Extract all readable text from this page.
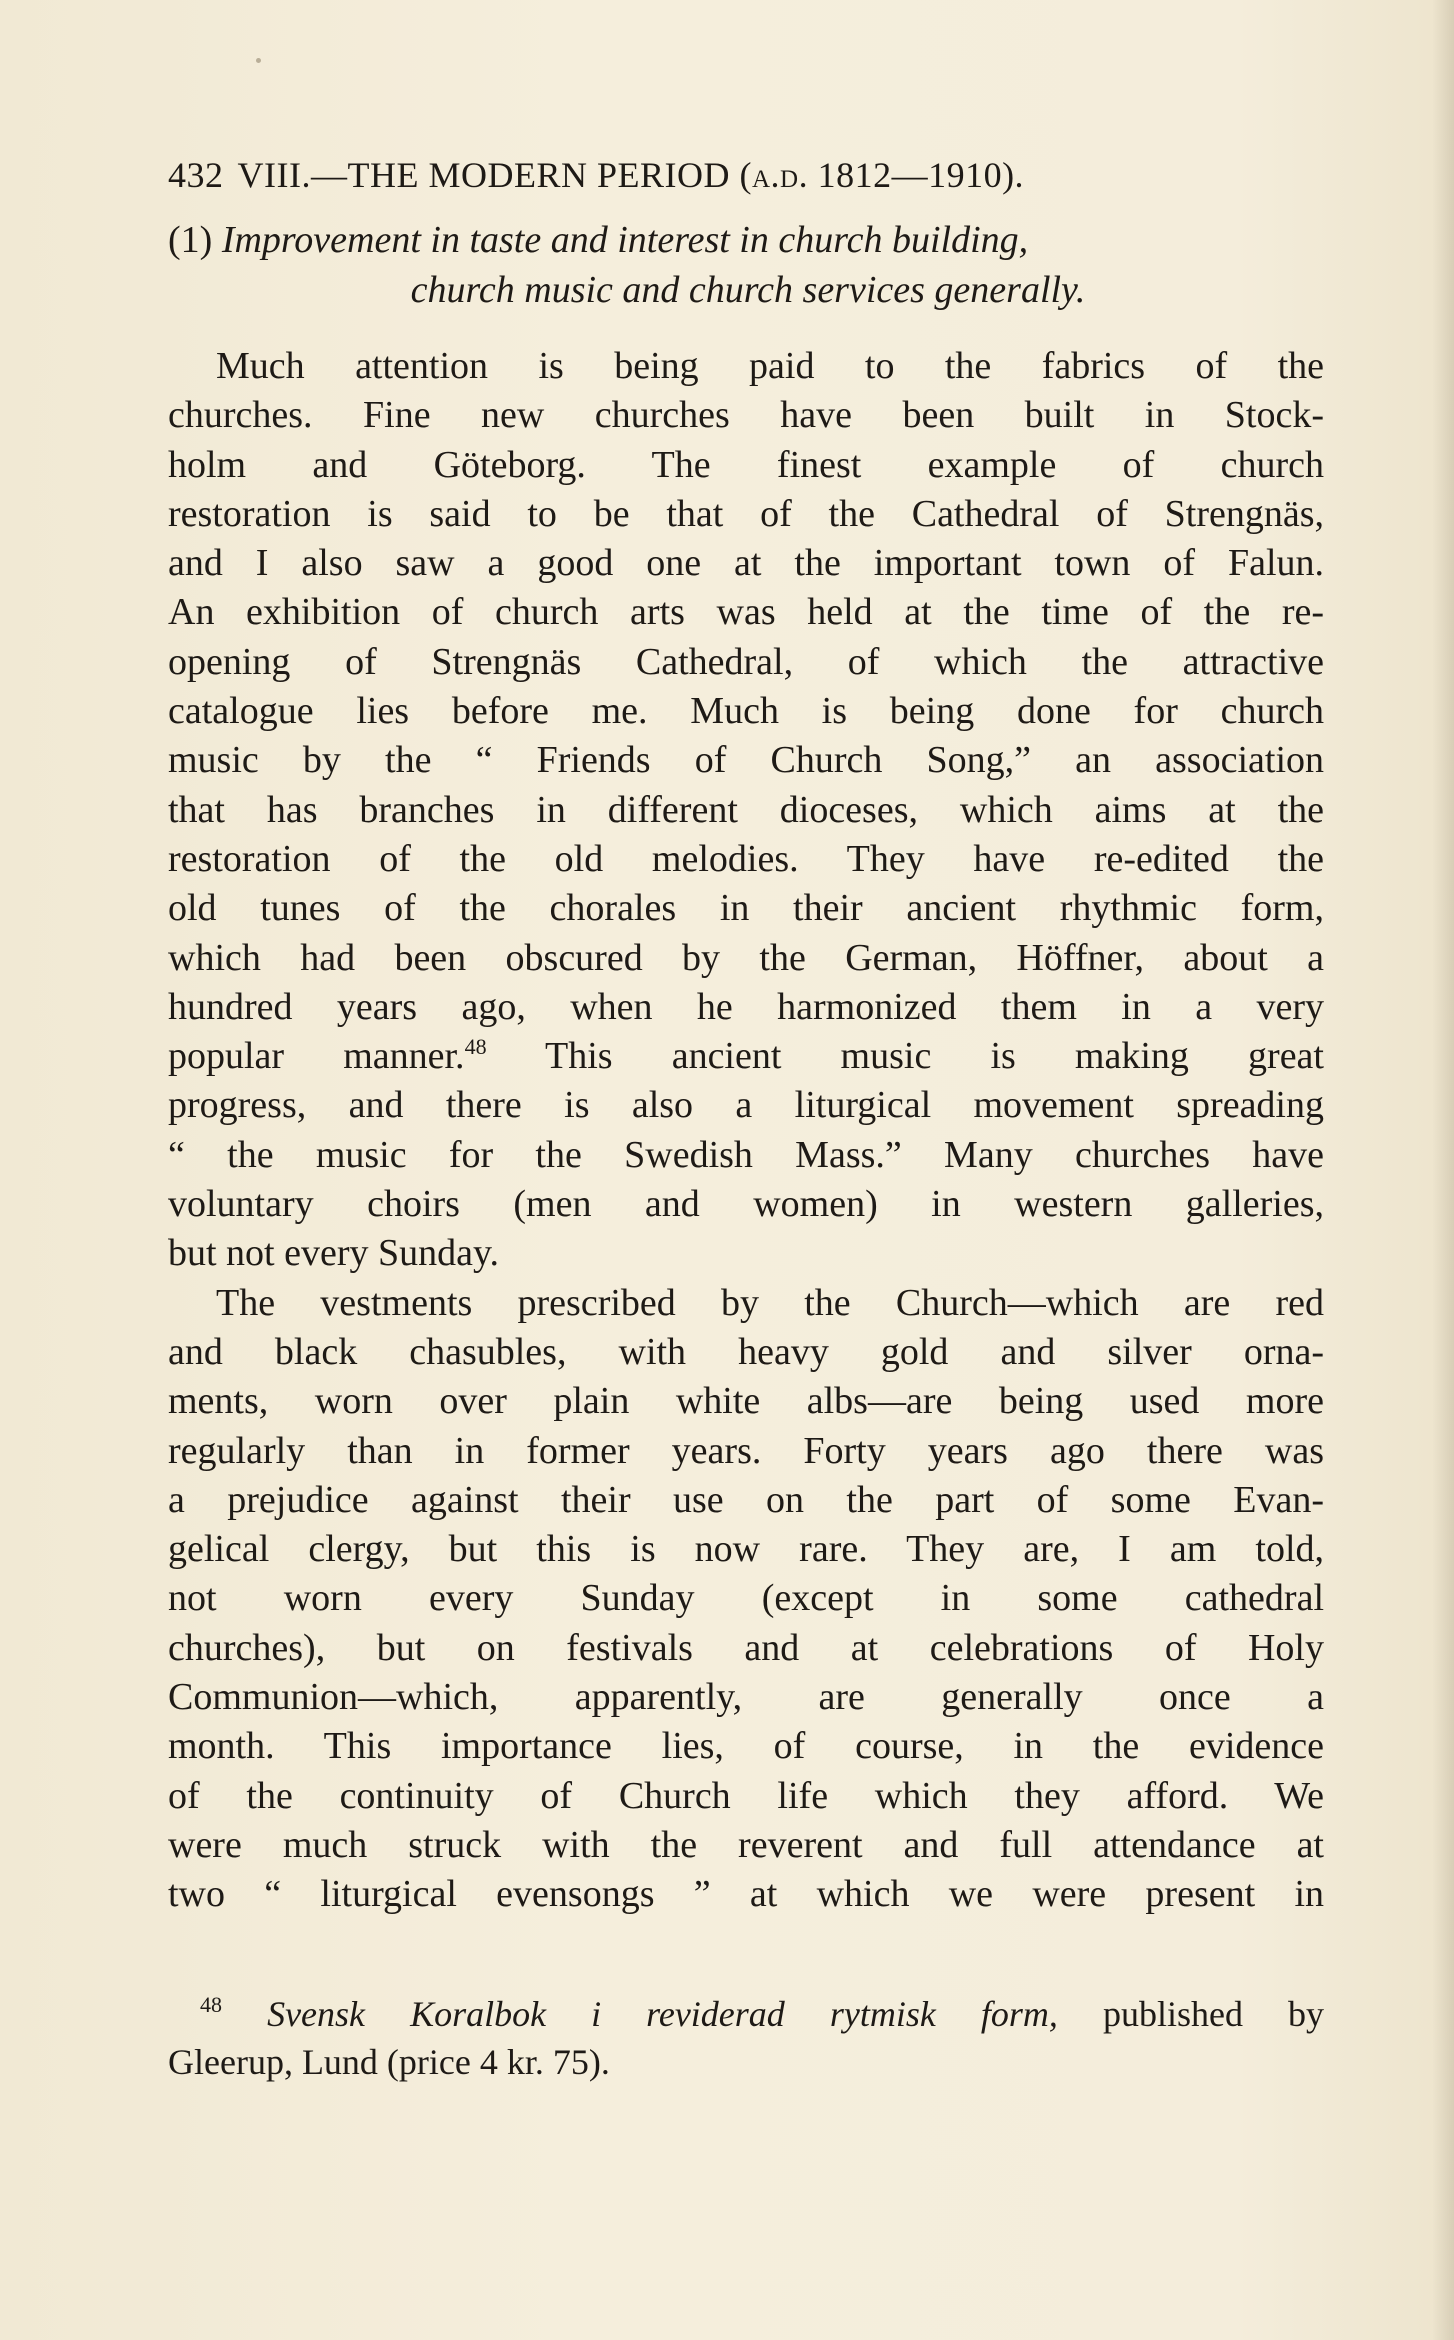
432 VIII.—THE MODERN PERIOD (a.d. 1812—1910).
(1) Improvement in taste and interest in church building,
church music and church services generally.
Much attention is being paid to the fabrics of the
churches. Fine new churches have been built in Stock-
holm and Göteborg. The finest example of church
restoration is said to be that of the Cathedral of Strengnäs,
and I also saw a good one at the important town of Falun.
An exhibition of church arts was held at the time of the re-
opening of Strengnäs Cathedral, of which the attractive
catalogue lies before me. Much is being done for church
music by the “ Friends of Church Song,” an association
that has branches in different dioceses, which aims at the
restoration of the old melodies. They have re-edited the
old tunes of the chorales in their ancient rhythmic form,
which had been obscured by the German, Höffner, about a
hundred years ago, when he harmonized them in a very
popular manner.$^{48}$ This ancient music is making great
progress, and there is also a liturgical movement spreading
“ the music for the Swedish Mass.” Many churches have
voluntary choirs (men and women) in western galleries,
but not every Sunday.
The vestments prescribed by the Church—which are red
and black chasubles, with heavy gold and silver orna-
ments, worn over plain white albs—are being used more
regularly than in former years. Forty years ago there was
a prejudice against their use on the part of some Evan-
gelical clergy, but this is now rare. They are, I am told,
not worn every Sunday (except in some cathedral
churches), but on festivals and at celebrations of Holy
Communion—which, apparently, are generally once a
month. This importance lies, of course, in the evidence
of the continuity of Church life which they afford. We
were much struck with the reverent and full attendance at
two “ liturgical evensongs ” at which we were present in
$^{48}$ Svensk Koralbok i reviderad rytmisk form, published by
Gleerup, Lund (price 4 kr. 75).
